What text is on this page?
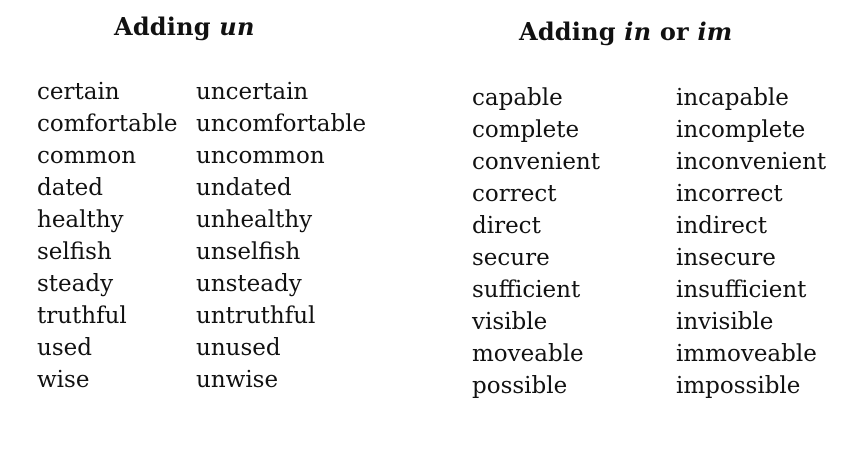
Adding un	Adding in or im
certain
comfortable
common
dated
healthy
selfish
steady
truthful
used
wise
uncertain
uncomfortable
uncommon
undated
unhealthy
unselfish
unsteady
untruthful
unused
unwise
capable
complete
convenient
correct
direct
secure
sufficient
visible
moveable
possible
incapable
incomplete
inconvenient
incorrect
indirect
insecure
insufficient
invisible
immoveable
impossible
